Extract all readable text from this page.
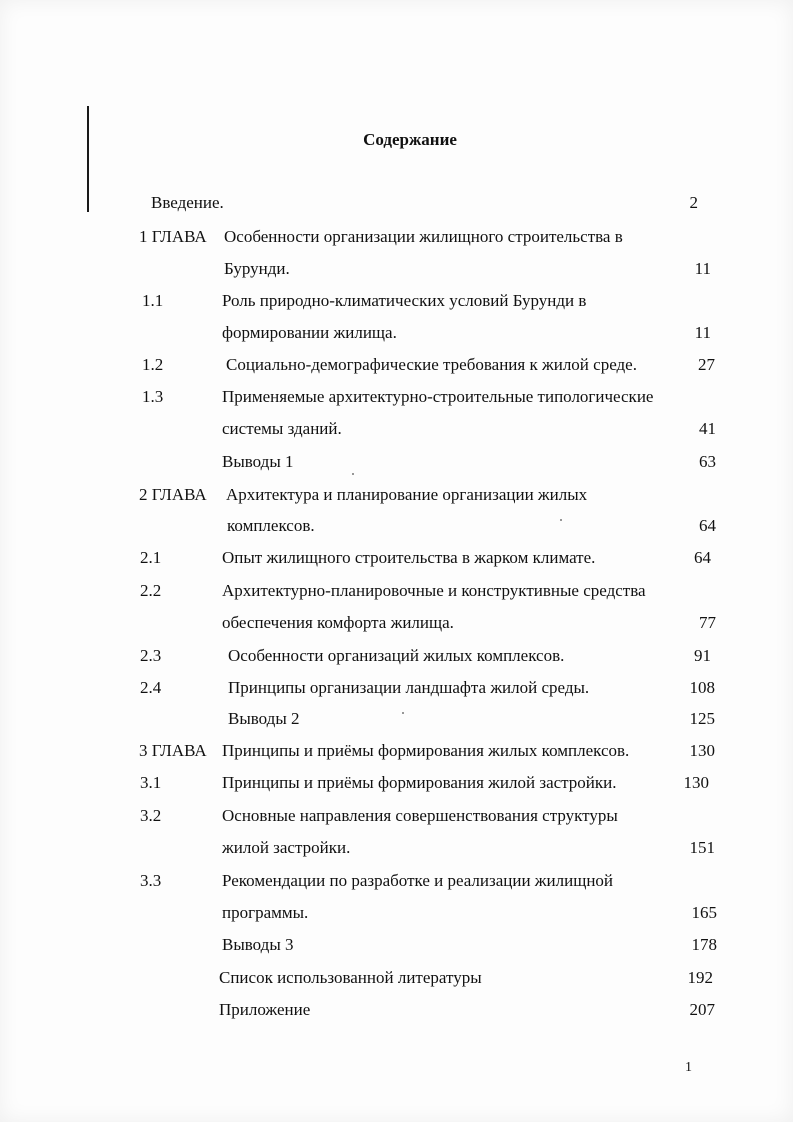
Содержание
Введение.	2
1 ГЛАВА Особенности организации жилищного строительства в
Бурунди.	11
1.1	Роль природно-климатических условий Бурунди в
формировании жилища.	11
1.2	Социально-демографические требования к жилой среде.	27
1.3	Применяемые архитектурно-строительные типологические
системы зданий.	41
Выводы 1	63
2 ГЛАВА Архитектура и планирование организации жилых
комплексов.	64
2.1	Опыт жилищного строительства в жарком климате.	64
2.2	Архитектурно-планировочные и конструктивные средства
обеспечения комфорта жилища.	77
2.3	Особенности организаций жилых комплексов.	91
2.4	Принципы организации ландшафта жилой среды.	108
Выводы 2	125
3 ГЛАВА Принципы и приёмы формирования жилых комплексов.	130
3.1	Принципы и приёмы формирования жилой застройки.	130
3.2	Основные направления совершенствования структуры
жилой застройки.	151
3.3	Рекомендации по разработке и реализации жилищной
программы.	165
Выводы 3	178
Список использованной литературы	192
Приложение	207
1
